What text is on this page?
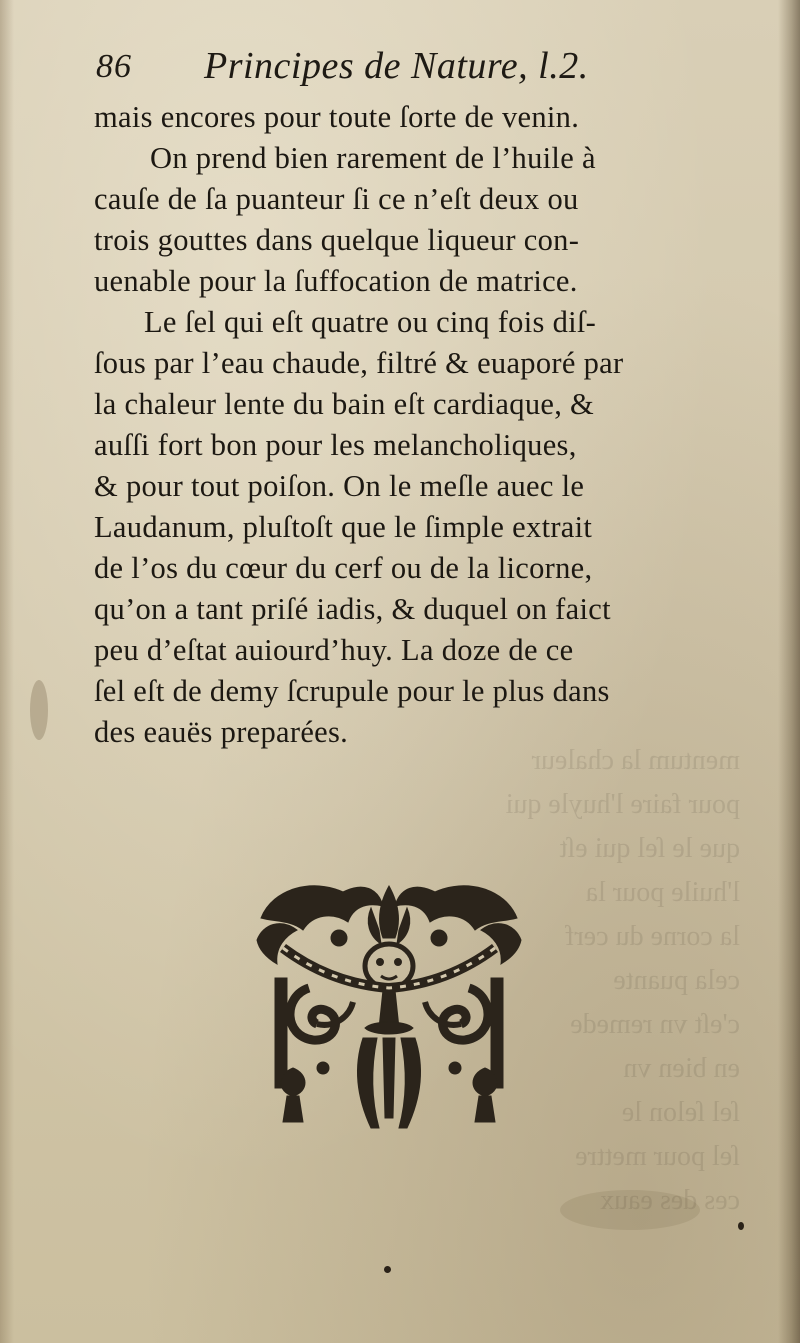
mentum la chaleur
pour faire l'huyle qui
que le ſel qui eſt
l'huile pour la
la corne du cerf
cela puante
c'eſt vn remede
en bien vn
ſel ſelon le
ſel pour mettre
ces des eaux
86 Principes de Nature, l.2.
mais encores pour toute ſorte de venin.
On prend bien rarement de l’huile à
cauſe de ſa puanteur ſi ce n’eſt deux ou
trois gouttes dans quelque liqueur con-
uenable pour la ſuffocation de matrice.
Le ſel qui eſt quatre ou cinq fois diſ-
ſous par l’eau chaude, filtré & euaporé par
la chaleur lente du bain eſt cardiaque, &
auſſi fort bon pour les melancholiques,
& pour tout poiſon. On le meſle auec le
Laudanum, pluſtoſt que le ſimple extrait
de l’os du cœur du cerf ou de la licorne,
qu’on a tant priſé iadis, & duquel on faict
peu d’eſtat auiourd’huy. La doze de ce
ſel eſt de demy ſcrupule pour le plus dans
des eauës preparées.
